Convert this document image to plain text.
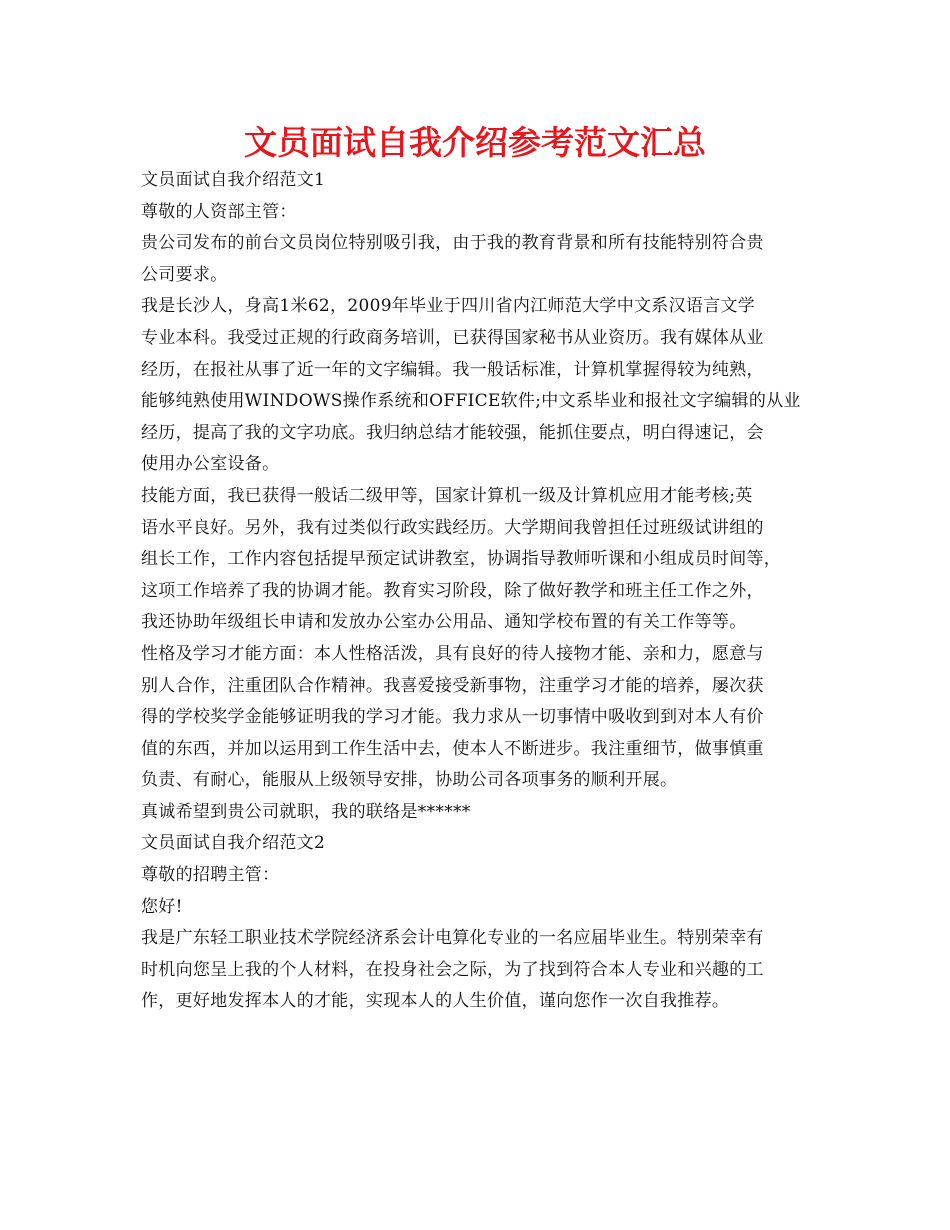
文员面试自我介绍参考范文汇总
文员面试自我介绍范文1
尊敬的人资部主管：
贵公司发布的前台文员岗位特别吸引我，由于我的教育背景和所有技能特别符合贵
公司要求。
我是长沙人，身高1米62，2009年毕业于四川省内江师范大学中文系汉语言文学
专业本科。我受过正规的行政商务培训，已获得国家秘书从业资历。我有媒体从业
经历，在报社从事了近一年的文字编辑。我一般话标准，计算机掌握得较为纯熟，
能够纯熟使用WINDOWS操作系统和OFFICE软件;中文系毕业和报社文字编辑的从业
经历，提高了我的文字功底。我归纳总结才能较强，能抓住要点，明白得速记，会
使用办公室设备。
技能方面，我已获得一般话二级甲等，国家计算机一级及计算机应用才能考核;英
语水平良好。另外，我有过类似行政实践经历。大学期间我曾担任过班级试讲组的
组长工作，工作内容包括提早预定试讲教室，协调指导教师听课和小组成员时间等，
这项工作培养了我的协调才能。教育实习阶段，除了做好教学和班主任工作之外，
我还协助年级组长申请和发放办公室办公用品、通知学校布置的有关工作等等。
性格及学习才能方面：本人性格活泼，具有良好的待人接物才能、亲和力，愿意与
别人合作，注重团队合作精神。我喜爱接受新事物，注重学习才能的培养，屡次获
得的学校奖学金能够证明我的学习才能。我力求从一切事情中吸收到到对本人有价
值的东西，并加以运用到工作生活中去，使本人不断进步。我注重细节，做事慎重
负责、有耐心，能服从上级领导安排，协助公司各项事务的顺利开展。
真诚希望到贵公司就职，我的联络是******
文员面试自我介绍范文2
尊敬的招聘主管：
您好!
我是广东轻工职业技术学院经济系会计电算化专业的一名应届毕业生。特别荣幸有
时机向您呈上我的个人材料，在投身社会之际，为了找到符合本人专业和兴趣的工
作，更好地发挥本人的才能，实现本人的人生价值，谨向您作一次自我推荐。
